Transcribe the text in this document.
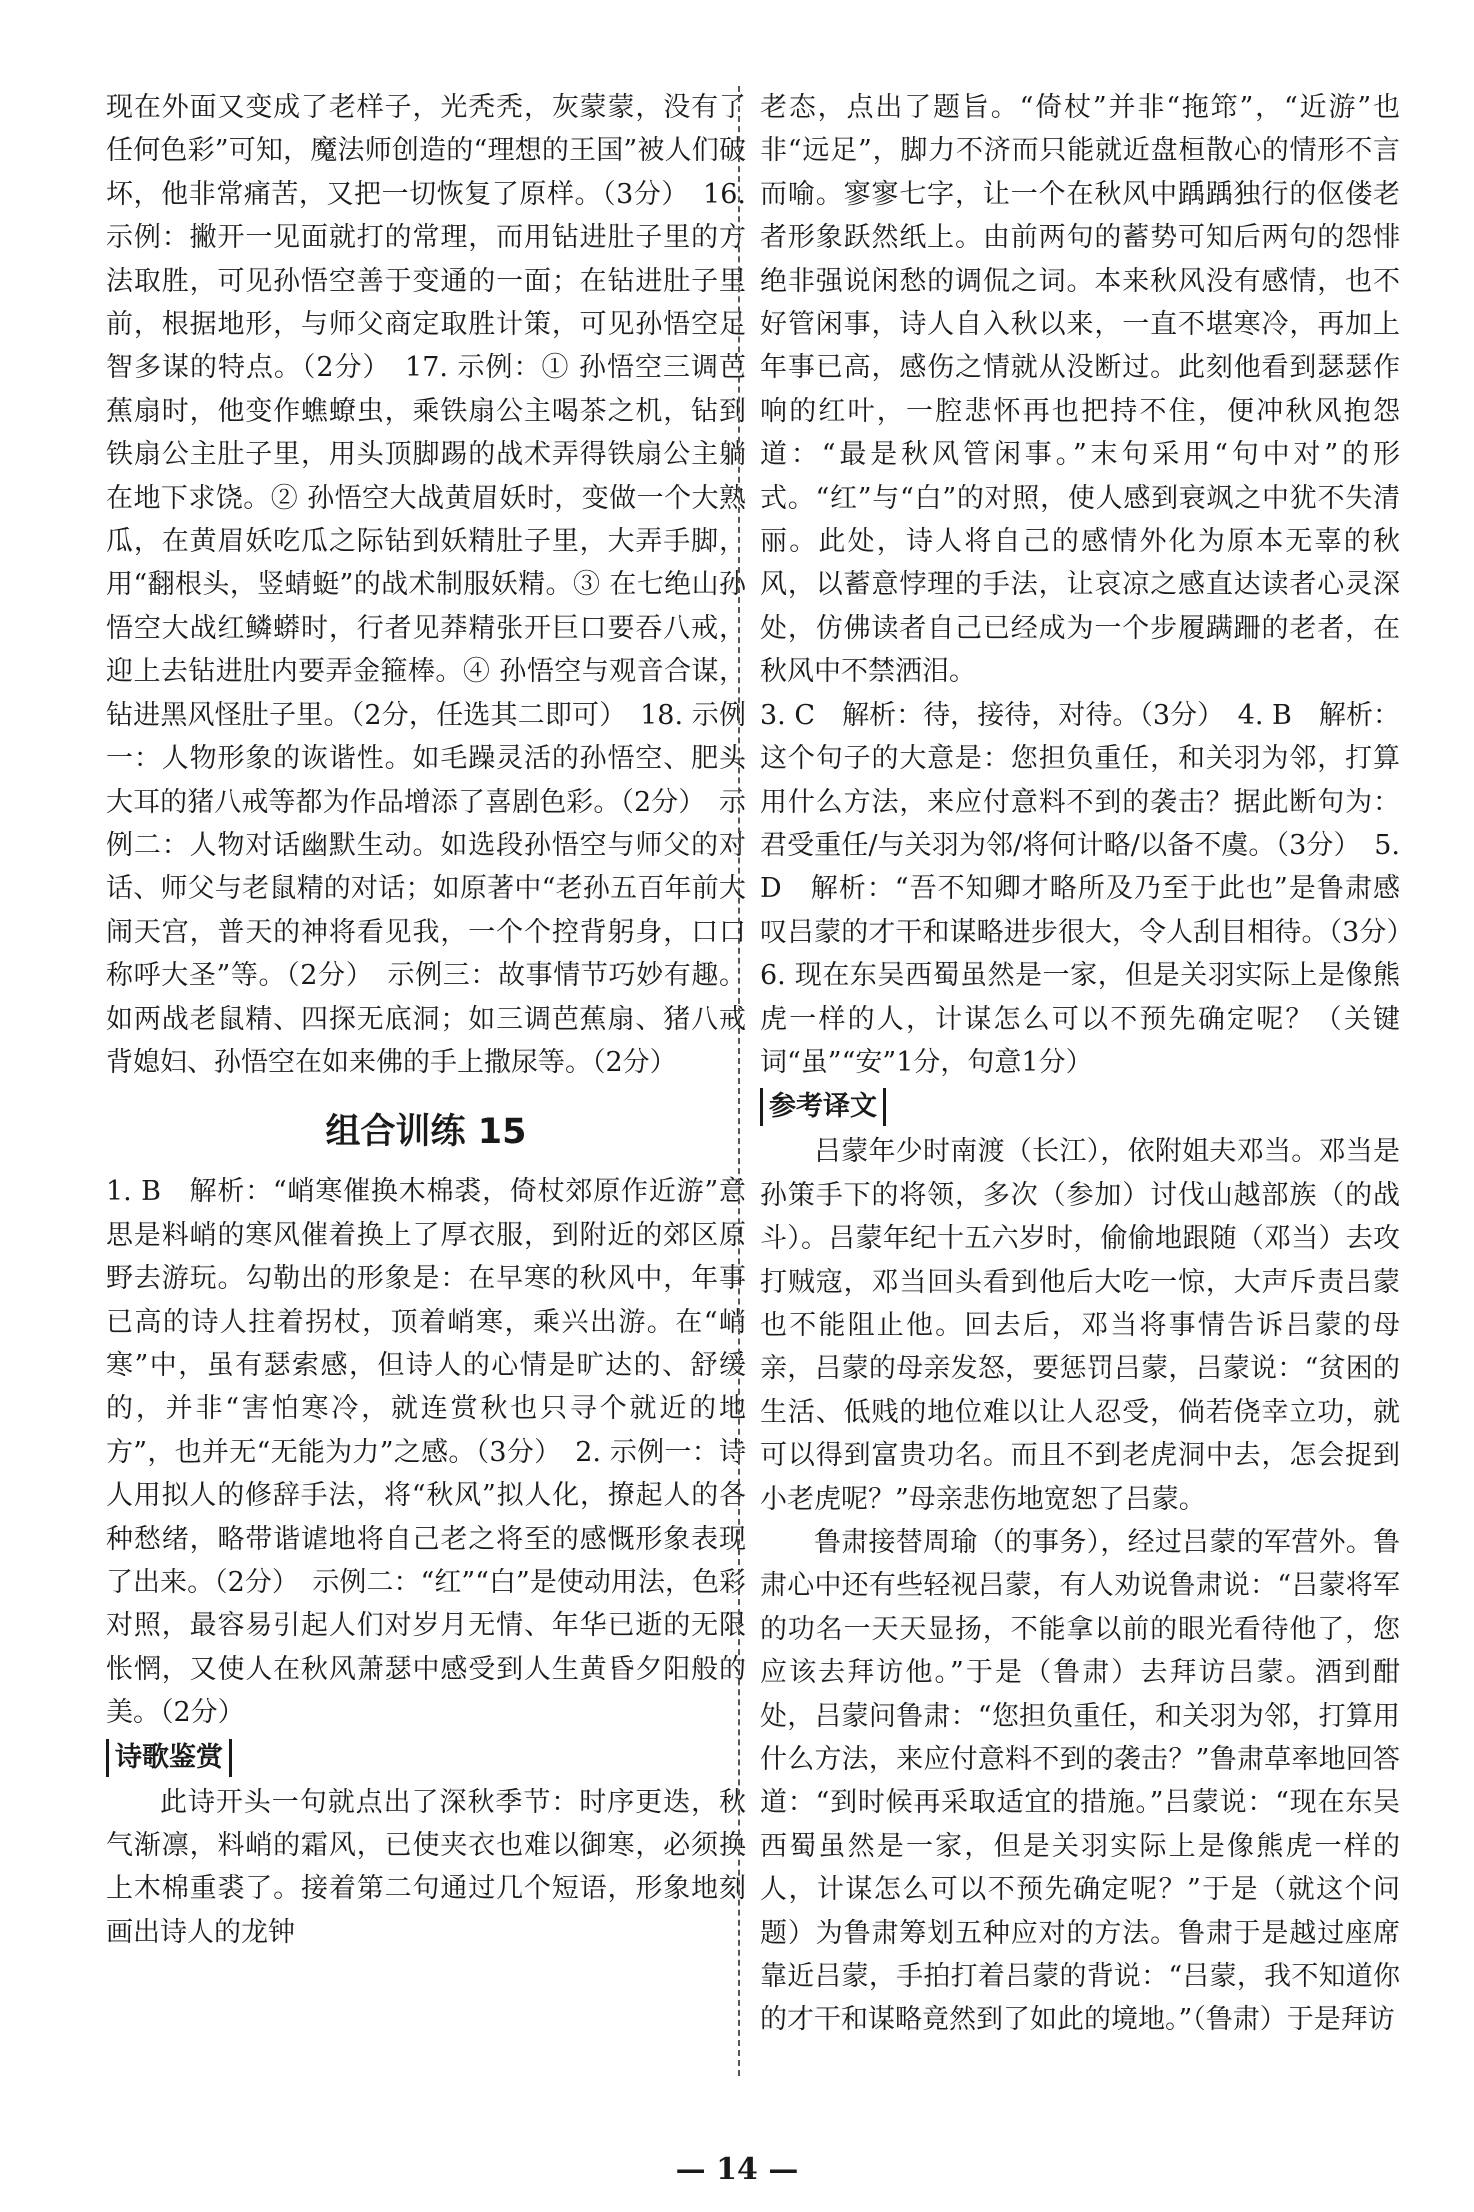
现在外面又变成了老样子，光秃秃，灰蒙蒙，没有了任何色彩”可知，魔法师创造的“理想的王国”被人们破坏，他非常痛苦，又把一切恢复了原样。（3分）　16. 示例：撇开一见面就打的常理，而用钻进肚子里的方法取胜，可见孙悟空善于变通的一面；在钻进肚子里前，根据地形，与师父商定取胜计策，可见孙悟空足智多谋的特点。（2分）　17. 示例：① 孙悟空三调芭蕉扇时，他变作蟭蟟虫，乘铁扇公主喝茶之机，钻到铁扇公主肚子里，用头顶脚踢的战术弄得铁扇公主躺在地下求饶。② 孙悟空大战黄眉妖时，变做一个大熟瓜，在黄眉妖吃瓜之际钻到妖精肚子里，大弄手脚，用“翻根头，竖蜻蜓”的战术制服妖精。③ 在七绝山孙悟空大战红鳞蟒时，行者见莽精张开巨口要吞八戒，迎上去钻进肚内要弄金箍棒。④ 孙悟空与观音合谋，钻进黑风怪肚子里。（2分，任选其二即可）　18. 示例一：人物形象的诙谐性。如毛躁灵活的孙悟空、肥头大耳的猪八戒等都为作品增添了喜剧色彩。（2分）　示例二：人物对话幽默生动。如选段孙悟空与师父的对话、师父与老鼠精的对话；如原著中“老孙五百年前大闹天宫，普天的神将看见我，一个个控背躬身，口口称呼大圣”等。（2分）　示例三：故事情节巧妙有趣。如两战老鼠精、四探无底洞；如三调芭蕉扇、猪八戒背媳妇、孙悟空在如来佛的手上撒尿等。（2分）

组合训练 15

1. B　解析：“峭寒催换木棉裘，倚杖郊原作近游”意思是料峭的寒风催着换上了厚衣服，到附近的郊区原野去游玩。勾勒出的形象是：在早寒的秋风中，年事已高的诗人拄着拐杖，顶着峭寒，乘兴出游。在“峭寒”中，虽有瑟索感，但诗人的心情是旷达的、舒缓的，并非“害怕寒冷，就连赏秋也只寻个就近的地方”，也并无“无能为力”之感。（3分）　2. 示例一：诗人用拟人的修辞手法，将“秋风”拟人化，撩起人的各种愁绪，略带谐谑地将自己老之将至的感慨形象表现了出来。（2分）　示例二：“红”“白”是使动用法，色彩对照，最容易引起人们对岁月无情、年华已逝的无限怅惘，又使人在秋风萧瑟中感受到人生黄昏夕阳般的美。（2分）

诗歌鉴赏

此诗开头一句就点出了深秋季节：时序更迭，秋气渐凛，料峭的霜风，已使夹衣也难以御寒，必须换上木棉重裘了。接着第二句通过几个短语，形象地刻画出诗人的龙钟

老态，点出了题旨。“倚杖”并非“拖筇”，“近游”也非“远足”，脚力不济而只能就近盘桓散心的情形不言而喻。寥寥七字，让一个在秋风中踽踽独行的伛偻老者形象跃然纸上。由前两句的蓄势可知后两句的怨悱绝非强说闲愁的调侃之词。本来秋风没有感情，也不好管闲事，诗人自入秋以来，一直不堪寒冷，再加上年事已高，感伤之情就从没断过。此刻他看到瑟瑟作响的红叶，一腔悲怀再也把持不住，便冲秋风抱怨道：“最是秋风管闲事。”末句采用“句中对”的形式。“红”与“白”的对照，使人感到衰飒之中犹不失清丽。此处，诗人将自己的感情外化为原本无辜的秋风，以蓄意悖理的手法，让哀凉之感直达读者心灵深处，仿佛读者自己已经成为一个步履蹒跚的老者，在秋风中不禁洒泪。

3. C　解析：待，接待，对待。（3分）　4. B　解析：这个句子的大意是：您担负重任，和关羽为邻，打算用什么方法，来应付意料不到的袭击？据此断句为：君受重任/与关羽为邻/将何计略/以备不虞。（3分）　5. D　解析：“吾不知卿才略所及乃至于此也”是鲁肃感叹吕蒙的才干和谋略进步很大，令人刮目相待。（3分）　6. 现在东吴西蜀虽然是一家，但是关羽实际上是像熊虎一样的人，计谋怎么可以不预先确定呢？（关键词“虽”“安”1分，句意1分）

参考译文

吕蒙年少时南渡（长江），依附姐夫邓当。邓当是孙策手下的将领，多次（参加）讨伐山越部族（的战斗）。吕蒙年纪十五六岁时，偷偷地跟随（邓当）去攻打贼寇，邓当回头看到他后大吃一惊，大声斥责吕蒙也不能阻止他。回去后，邓当将事情告诉吕蒙的母亲，吕蒙的母亲发怒，要惩罚吕蒙，吕蒙说：“贫困的生活、低贱的地位难以让人忍受，倘若侥幸立功，就可以得到富贵功名。而且不到老虎洞中去，怎会捉到小老虎呢？”母亲悲伤地宽恕了吕蒙。

鲁肃接替周瑜（的事务），经过吕蒙的军营外。鲁肃心中还有些轻视吕蒙，有人劝说鲁肃说：“吕蒙将军的功名一天天显扬，不能拿以前的眼光看待他了，您应该去拜访他。”于是（鲁肃）去拜访吕蒙。酒到酣处，吕蒙问鲁肃：“您担负重任，和关羽为邻，打算用什么方法，来应付意料不到的袭击？”鲁肃草率地回答道：“到时候再采取适宜的措施。”吕蒙说：“现在东吴西蜀虽然是一家，但是关羽实际上是像熊虎一样的人，计谋怎么可以不预先确定呢？”于是（就这个问题）为鲁肃筹划五种应对的方法。鲁肃于是越过座席靠近吕蒙，手拍打着吕蒙的背说：“吕蒙，我不知道你的才干和谋略竟然到了如此的境地。”（鲁肃）于是拜访

— 14 —
